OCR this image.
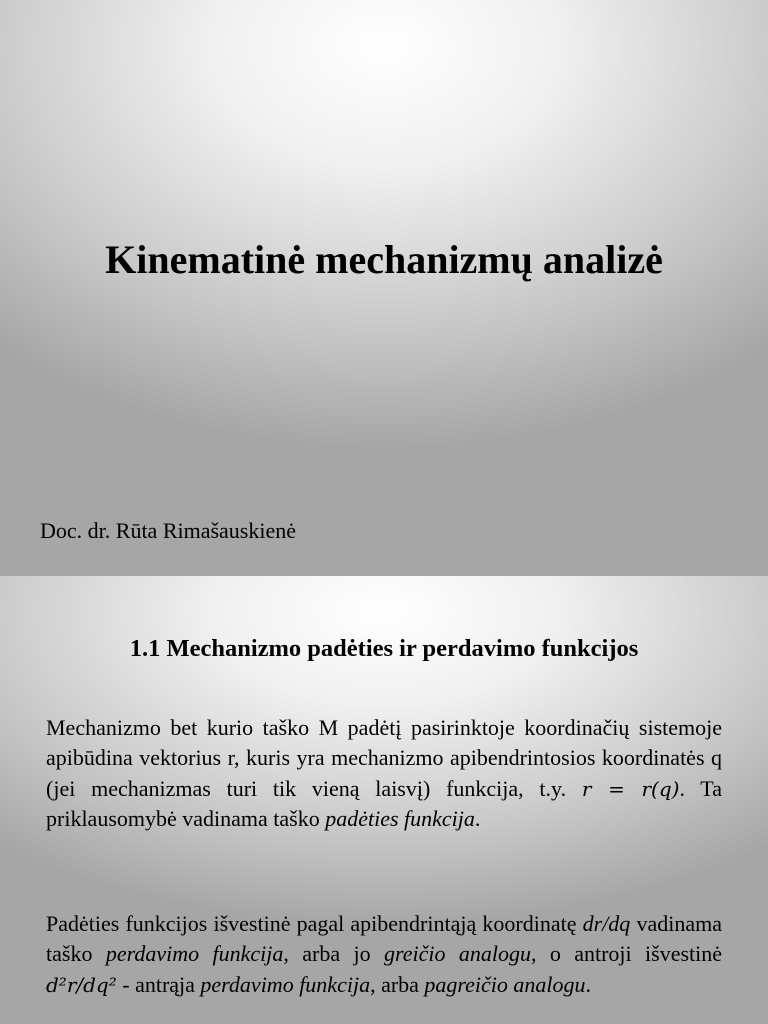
Kinematinė mechanizmų analizė

Doc. dr. Rūta Rimašauskienė

1.1 Mechanizmo padėties ir perdavimo funkcijos

Mechanizmo bet kurio taško M padėtį pasirinktoje koordinačių sistemoje apibūdina vektorius r, kuris yra mechanizmo apibendrintosios koordinatės q (jei mechanizmas turi tik vieną laisvį) funkcija, t.y. r = r(q). Ta priklausomybė vadinama taško padėties funkcija.

Padėties funkcijos išvestinė pagal apibendrintąją koordinatę dr/dq vadinama taško perdavimo funkcija, arba jo greičio analogu, o antroji išvestinė d²r/dq² - antrąja perdavimo funkcija, arba pagreičio analogu.
